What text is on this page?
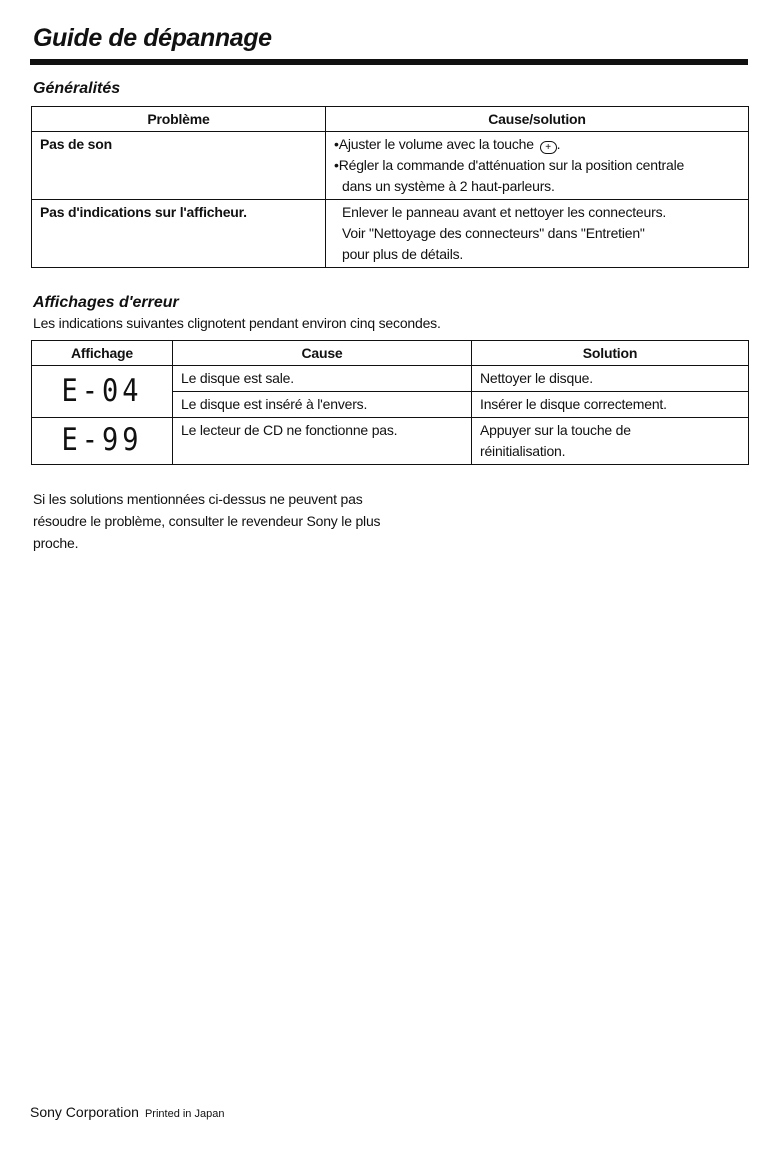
Guide de dépannage
Généralités
Problème	Cause/solution
Pas de son	•Ajuster le volume avec la touche + .
•Régler la commande d'atténuation sur la position centrale
dans un système à 2 haut-parleurs.

Pas d'indications sur l'afficheur.	Enlever le panneau avant et nettoyer les connecteurs.
Voir "Nettoyage des connecteurs" dans "Entretien"
pour plus de détails.
Affichages d'erreur
Les indications suivantes clignotent pendant environ cinq secondes.
Affichage	Cause	Solution
E-04	Le disque est sale.	Nettoyer le disque.
	Le disque est inséré à l'envers.	Insérer le disque correctement.
E-99	Le lecteur de CD ne fonctionne pas.	Appuyer sur la touche de
réinitialisation.
Si les solutions mentionnées ci-dessus ne peuvent pas
résoudre le problème, consulter le revendeur Sony le plus
proche.
Sony Corporation Printed in Japan
